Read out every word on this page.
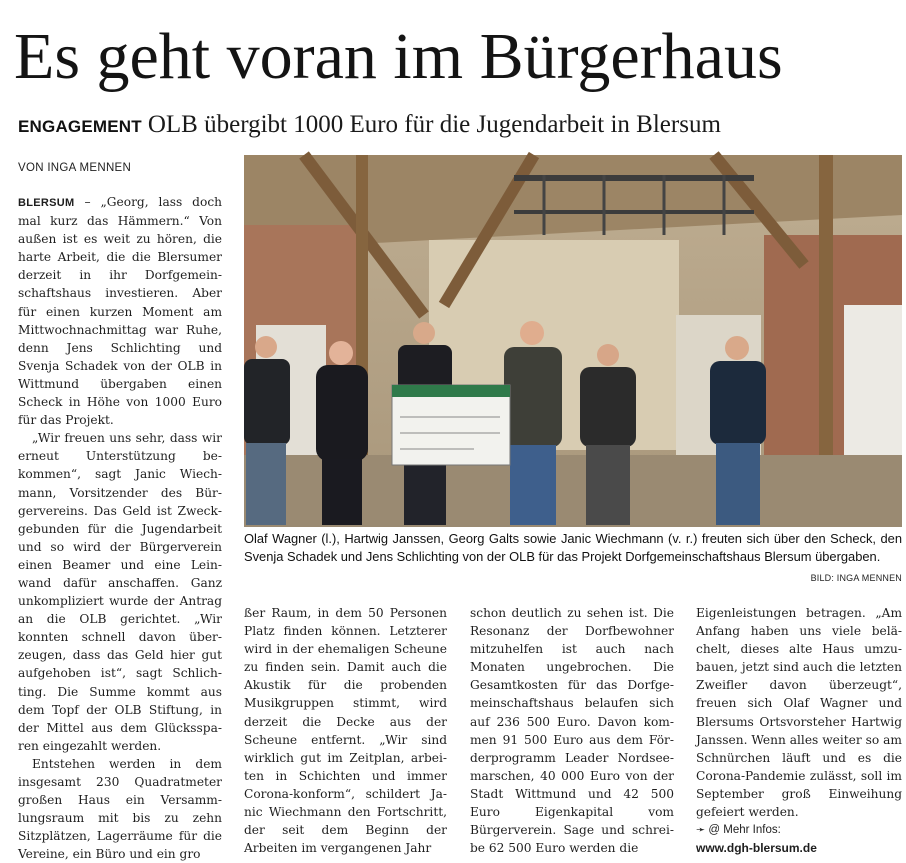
Es geht voran im Bürgerhaus
ENGAGEMENT OLB übergibt 1000 Euro für die Jugendarbeit in Blersum
VON INGA MENNEN

BLERSUM – „Georg, lass doch mal kurz das Hämmern.“ Von außen ist es weit zu hören, die harte Arbeit, die die Blersumer derzeit in ihr Dorfgemeinschaftshaus investieren. Aber für einen kurzen Moment am Mittwochnachmittag war Ruhe, denn Jens Schlichting und Svenja Schadek von der OLB in Wittmund übergaben einen Scheck in Höhe von 1000 Euro für das Projekt.

„Wir freuen uns sehr, dass wir erneut Unterstützung bekommen“, sagt Janic Wiechmann, Vorsitzender des Bürgervereins. Das Geld ist Zweckgebunden für die Jugendarbeit und so wird der Bürgerverein einen Beamer und eine Leinwand dafür anschaffen. Ganz unkompliziert wurde der Antrag an die OLB gerichtet. „Wir konnten schnell davon überzeugen, dass das Geld hier gut aufgehoben ist“, sagt Schlichting. Die Summe kommt aus dem Topf der OLB Stiftung, in der Mittel aus dem Glückssparen eingezahlt werden.

Entstehen werden in dem insgesamt 230 Quadratmeter großen Haus ein Versammlungsraum mit bis zu zehn Sitzplätzen, Lagerräume für die Vereine, ein Büro und ein gro

Olaf Wagner (l.), Hartwig Janssen, Georg Galts sowie Janic Wiechmann (v. r.) freuten sich über den Scheck, den Svenja Schadek und Jens Schlichting von der OLB für das Projekt Dorfgemeinschaftshaus Blersum übergaben.
BILD: INGA MENNEN

ßer Raum, in dem 50 Personen Platz finden können. Letzterer wird in der ehemaligen Scheune zu finden sein. Damit auch die Akustik für die probenden Musikgruppen stimmt, wird derzeit die Decke aus der Scheune entfernt. „Wir sind wirklich gut im Zeitplan, arbeiten in Schichten und immer Corona-konform“, schildert Janic Wiechmann den Fortschritt, der seit dem Beginn der Arbeiten im vergangenen Jahr

schon deutlich zu sehen ist. Die Resonanz der Dorfbewohner mitzuhelfen ist auch nach Monaten ungebrochen. Die Gesamtkosten für das Dorfgemeinschaftshaus belaufen sich auf 236 500 Euro. Davon kommen 91 500 Euro aus dem Förderprogramm Leader Nordseemarschen, 40 000 Euro von der Stadt Wittmund und 42 500 Euro Eigenkapital vom Bürgerverein. Sage und schreibe 62 500 Euro werden die

Eigenleistungen betragen. „Am Anfang haben uns viele belächelt, dieses alte Haus umzubauen, jetzt sind auch die letzten Zweifler davon überzeugt“, freuen sich Olaf Wagner und Blersums Ortsvorsteher Hartwig Janssen. Wenn alles weiter so am Schnürchen läuft und es die Corona-Pandemie zulässt, soll im September groß Einweihung gefeiert werden.

➛ @ Mehr Infos:
www.dgh-blersum.de
